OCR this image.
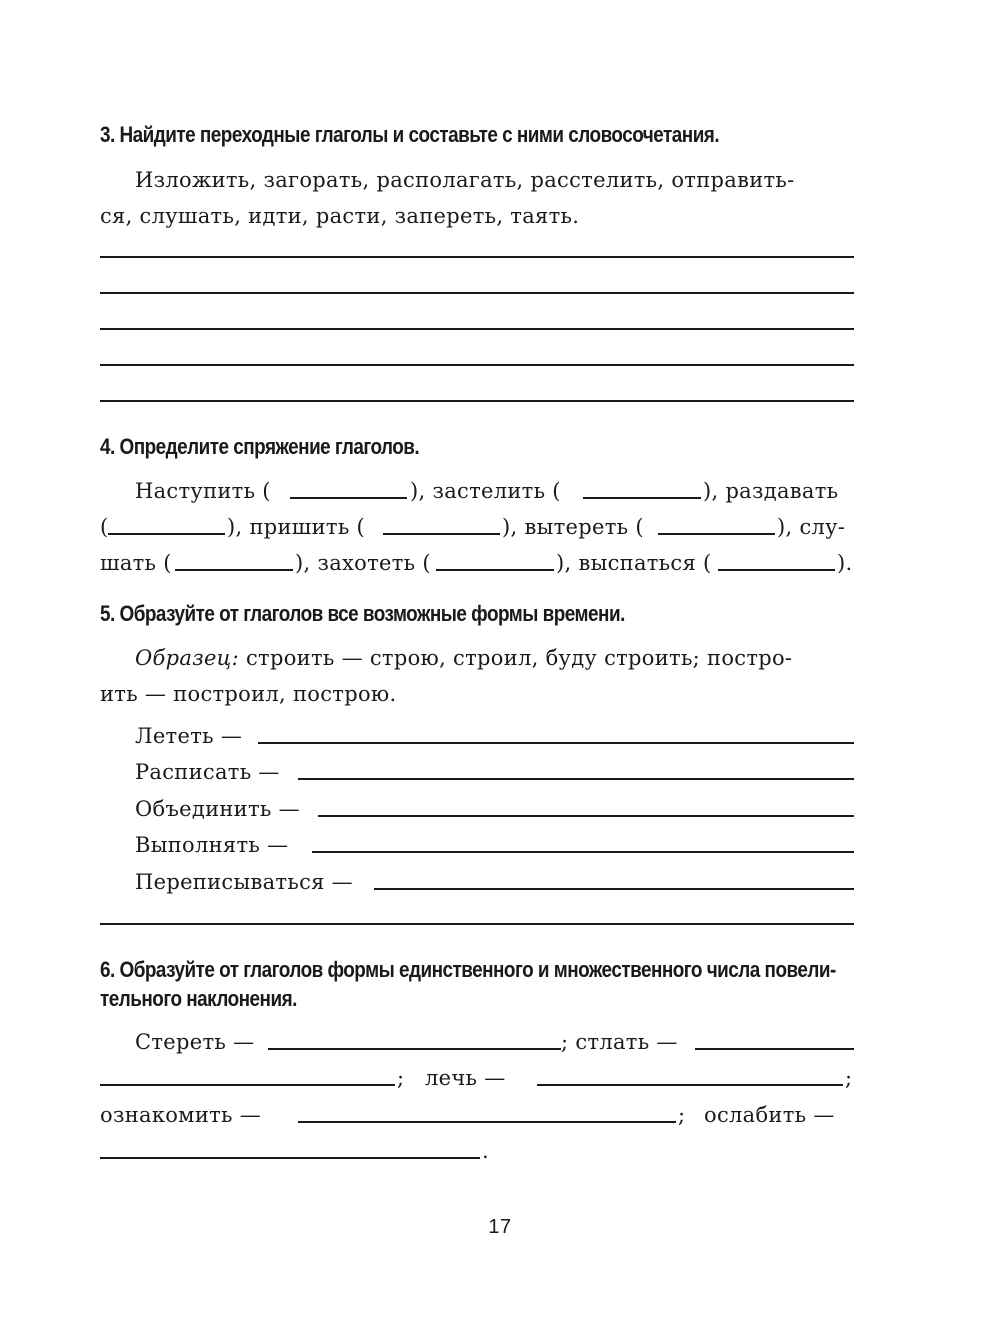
3. Найдите переходные глаголы и составьте с ними словосочетания.
Изложить, загорать, располагать, расстелить, отправить-
ся, слушать, идти, расти, запереть, таять.
4. Определите спряжение глаголов.
Наступить (	), застелить (	), раздавать
(	), пришить (	), вытереть (	), слу-
шать (	), захотеть (	), выспаться (	).
5. Образуйте от глаголов все возможные формы времени.
Образец: строить — строю, строил, буду строить; постро-
ить — построил, построю.
Лететь —
Расписать —
Объединить —
Выполнять —
Переписываться —
6. Образуйте от глаголов формы единственного и множественного числа повели-
тельного наклонения.
Стереть —	; стлать —
; лечь —	;
ознакомить —	; ослабить —
.
17
